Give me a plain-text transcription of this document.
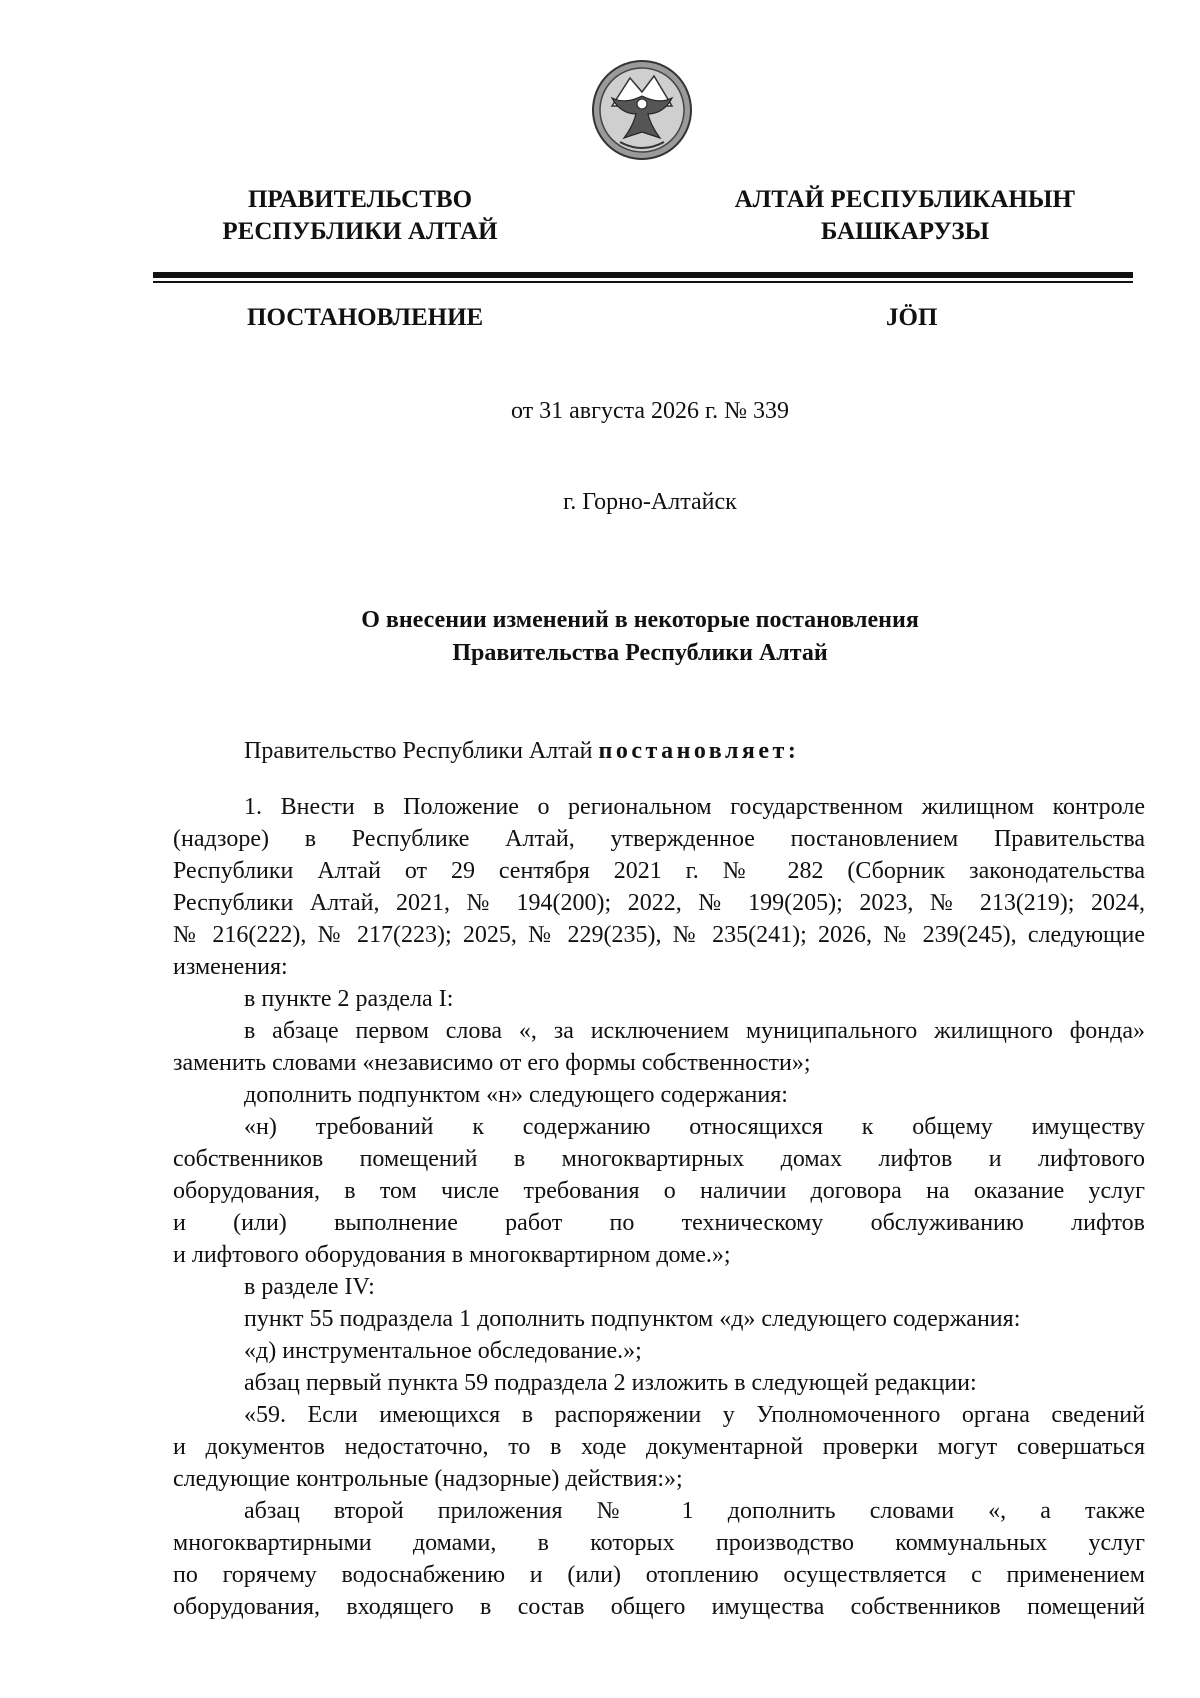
ПРАВИТЕЛЬСТВО
РЕСПУБЛИКИ АЛТАЙ
АЛТАЙ РЕСПУБЛИКАНЫҤ
БАШКАРУЗЫ
ПОСТАНОВЛЕНИЕ	JÖП
от 31 августа 2026 г. № 339
г. Горно-Алтайск
О внесении изменений в некоторые постановления
Правительства Республики Алтай

Правительство Республики Алтай постановляет:

1. Внести в Положение о региональном государственном жилищном контроле
(надзоре) в Республике Алтай, утвержденное постановлением Правительства
Республики Алтай от 29 сентября 2021 г. № 282 (Сборник законодательства
Республики Алтай, 2021, № 194(200); 2022, № 199(205); 2023, № 213(219); 2024,
№ 216(222), № 217(223); 2025, № 229(235), № 235(241); 2026, № 239(245), следующие
изменения:
в пункте 2 раздела I:
в абзаце первом слова «, за исключением муниципального жилищного фонда»
заменить словами «независимо от его формы собственности»;
дополнить подпунктом «н» следующего содержания:
«н) требований к содержанию относящихся к общему имуществу
собственников помещений в многоквартирных домах лифтов и лифтового
оборудования, в том числе требования о наличии договора на оказание услуг
и (или) выполнение работ по техническому обслуживанию лифтов
и лифтового оборудования в многоквартирном доме.»;
в разделе IV:
пункт 55 подраздела 1 дополнить подпунктом «д» следующего содержания:
«д) инструментальное обследование.»;
абзац первый пункта 59 подраздела 2 изложить в следующей редакции:
«59. Если имеющихся в распоряжении у Уполномоченного органа сведений
и документов недостаточно, то в ходе документарной проверки могут совершаться
следующие контрольные (надзорные) действия:»;
абзац второй приложения № 1 дополнить словами «, а также
многоквартирными домами, в которых производство коммунальных услуг
по горячему водоснабжению и (или) отоплению осуществляется с применением
оборудования, входящего в состав общего имущества собственников помещений
